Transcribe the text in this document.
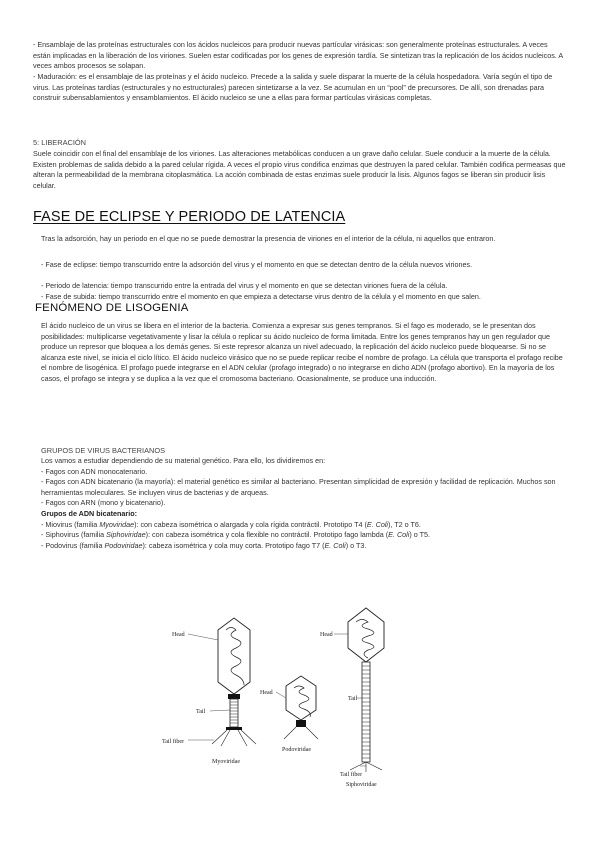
- Ensamblaje de las proteínas estructurales con los ácidos nucleicos para producir nuevas partícular virásicas: son generalmente proteínas estructurales. A veces están implicadas en la liberación de los viriones. Suelen estar codificadas por los genes de expresión tardía. Se sintetizan tras la replicación de los ácidos nucleicos. A veces ambos procesos se solapan.

- Maduración: es el ensamblaje de las proteínas y el ácido nucleico. Precede a la salida y suele disparar la muerte de la célula hospedadora. Varía según el tipo de virus. Las proteínas tardías (estructurales y no estructurales) parecen sintetizarse a la vez. Se acumulan en un “pool” de precursores. De allí, son drenadas para construir subensablamientos y ensamblamientos. El ácido nucleico se une a ellas para formar partículas virásicas completas.

5: LIBERACIÓN

Suele coincidir con el final del ensamblaje de los viriones. Las alteraciones metabólicas conducen a un grave daño celular. Suele conducir a la muerte de la célula. Existen problemas de salida debido a la pared celular rígida. A veces el propio virus condifica enzimas que destruyen la pared celular. También codifica permeasas que alteran la permeabilidad de la membrana citoplasmática. La acción combinada de estas enzimas suele producir la lisis. Algunos fagos se liberan sin producir lisis celular.

FASE DE ECLIPSE Y PERIODO DE LATENCIA

Tras la adsorción, hay un periodo en el que no se puede demostrar la presencia de viriones en el interior de la célula, ni aquellos que entraron.

- Fase de eclipse: tiempo transcurrido entre la adsorción del virus y el momento en que se detectan dentro de la célula nuevos viriones.

- Periodo de latencia: tiempo transcurrido entre la entrada del virus y el momento en que se detectan viriones fuera de la célula.

- Fase de subida: tiempo transcurrido entre el momento en que empieza a detectarse virus dentro de la célula y el momento en que salen.

FENÓMENO DE LISOGENIA

El ácido nucleico de un virus se libera en el interior de la bacteria. Comienza a expresar sus genes tempranos. Si el fago es moderado, se le presentan dos posibilidades: multiplicarse vegetativamente y lisar la célula o replicar su ácido nucleico de forma limitada. Entre los genes tempranos hay un gen regulador que produce un represor que bloquea a los demás genes. Si este represor alcanza un nivel adecuado, la replicación del ácido nucleico puede bloquearse. Si no se alcanza este nivel, se inicia el ciclo lítico. El ácido nucleico virásico que no se puede replicar recibe el nombre de profago. La célula que transporta el profago recibe el nombre de lisogénica. El profago puede integrarse en el ADN celular (profago integrado) o no integrarse en dicho ADN (profago abortivo). En la mayoría de los casos, el profago se integra y se duplica a la vez que el cromosoma bacteriano. Ocasionalmente, se produce una inducción.

GRUPOS DE VIRUS BACTERIANOS

Los vamos a estudiar dependiendo de su material genético. Para ello, los dividiremos en:
- Fagos con ADN monocatenario.
- Fagos con ADN bicatenario (la mayoría): el material genético es similar al bacteriano. Presentan simplicidad de expresión y facilidad de replicación. Muchos son herramientas moleculares. Se incluyen virus de bacterias y de arqueas.
- Fagos con ARN (mono y bicatenario).
Grupos de ADN bicatenario:
- Miovirus (familia Myoviridae): con cabeza isométrica o alargada y cola rígida contráctil. Prototipo T4 (E. Coli), T2 o T6.
- Siphovirus (familia Siphoviridae): con cabeza isométrica y cola flexible no contráctil. Prototipo fago lambda (E. Coli) o T5.
- Podovirus (familia Podoviridae): cabeza isométrica y cola muy corta. Prototipo fago T7 (E. Coli) o T3.
Head
Tail
Tail fiber
Myoviridae
Head
Podoviridae
Head
Tail
Tail fiber
Siphoviridae
